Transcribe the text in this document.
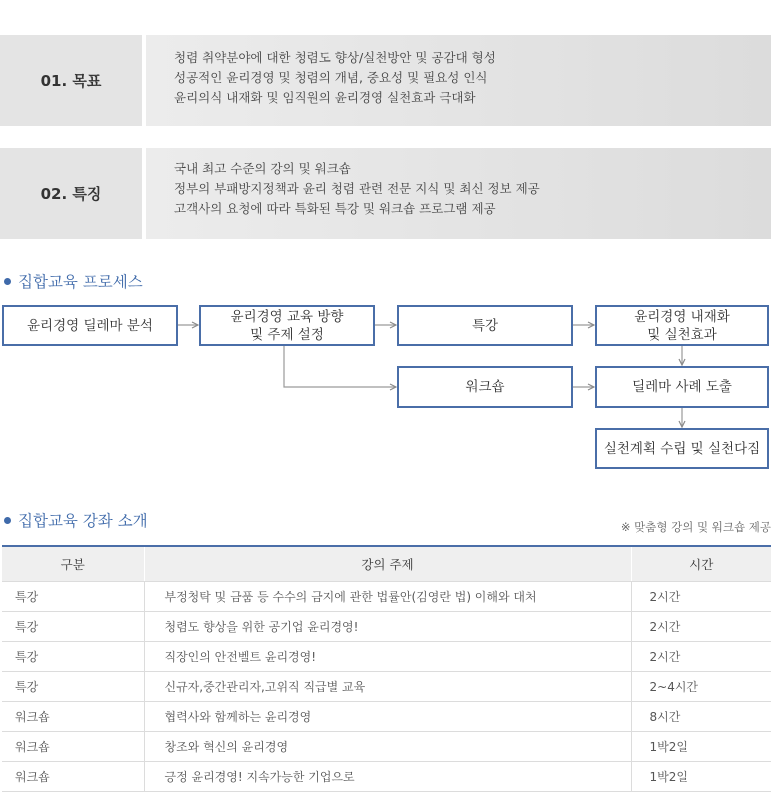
01. 목표
청렴 취약분야에 대한 청렴도 향상/실천방안 및 공감대 형성
성공적인 윤리경영 및 청렴의 개념, 중요성 및 필요성 인식
윤리의식 내재화 및 임직원의 윤리경영 실천효과 극대화
02. 특징
국내 최고 수준의 강의 및 워크숍
정부의 부패방지정책과 윤리 청렴 관련 전문 지식 및 최신 정보 제공
고객사의 요청에 따라 특화된 특강 및 워크숍 프로그램 제공
집합교육 프로세스
윤리경영 딜레마 분석
윤리경영 교육 방향
및 주제 설정
특강
윤리경영 내재화
및 실천효과
워크숍	딜레마 사례 도출
실천계획 수립 및 실천다짐
집합교육 강좌 소개	※ 맞춤형 강의 및 워크숍 제공
구분	강의 주제	시간
특강	부정청탁 및 금품 등 수수의 금지에 관한 법률안(김영란 법) 이해와 대처	2시간
특강	청렴도 향상을 위한 공기업 윤리경영!	2시간
특강	직장인의 안전벨트 윤리경영!	2시간
특강	신규자,중간관리자,고위직 직급별 교육	2~4시간
워크숍	협력사와 함께하는 윤리경영	8시간
워크숍	창조와 혁신의 윤리경영	1박2일
워크숍	긍정 윤리경영! 지속가능한 기업으로	1박2일
